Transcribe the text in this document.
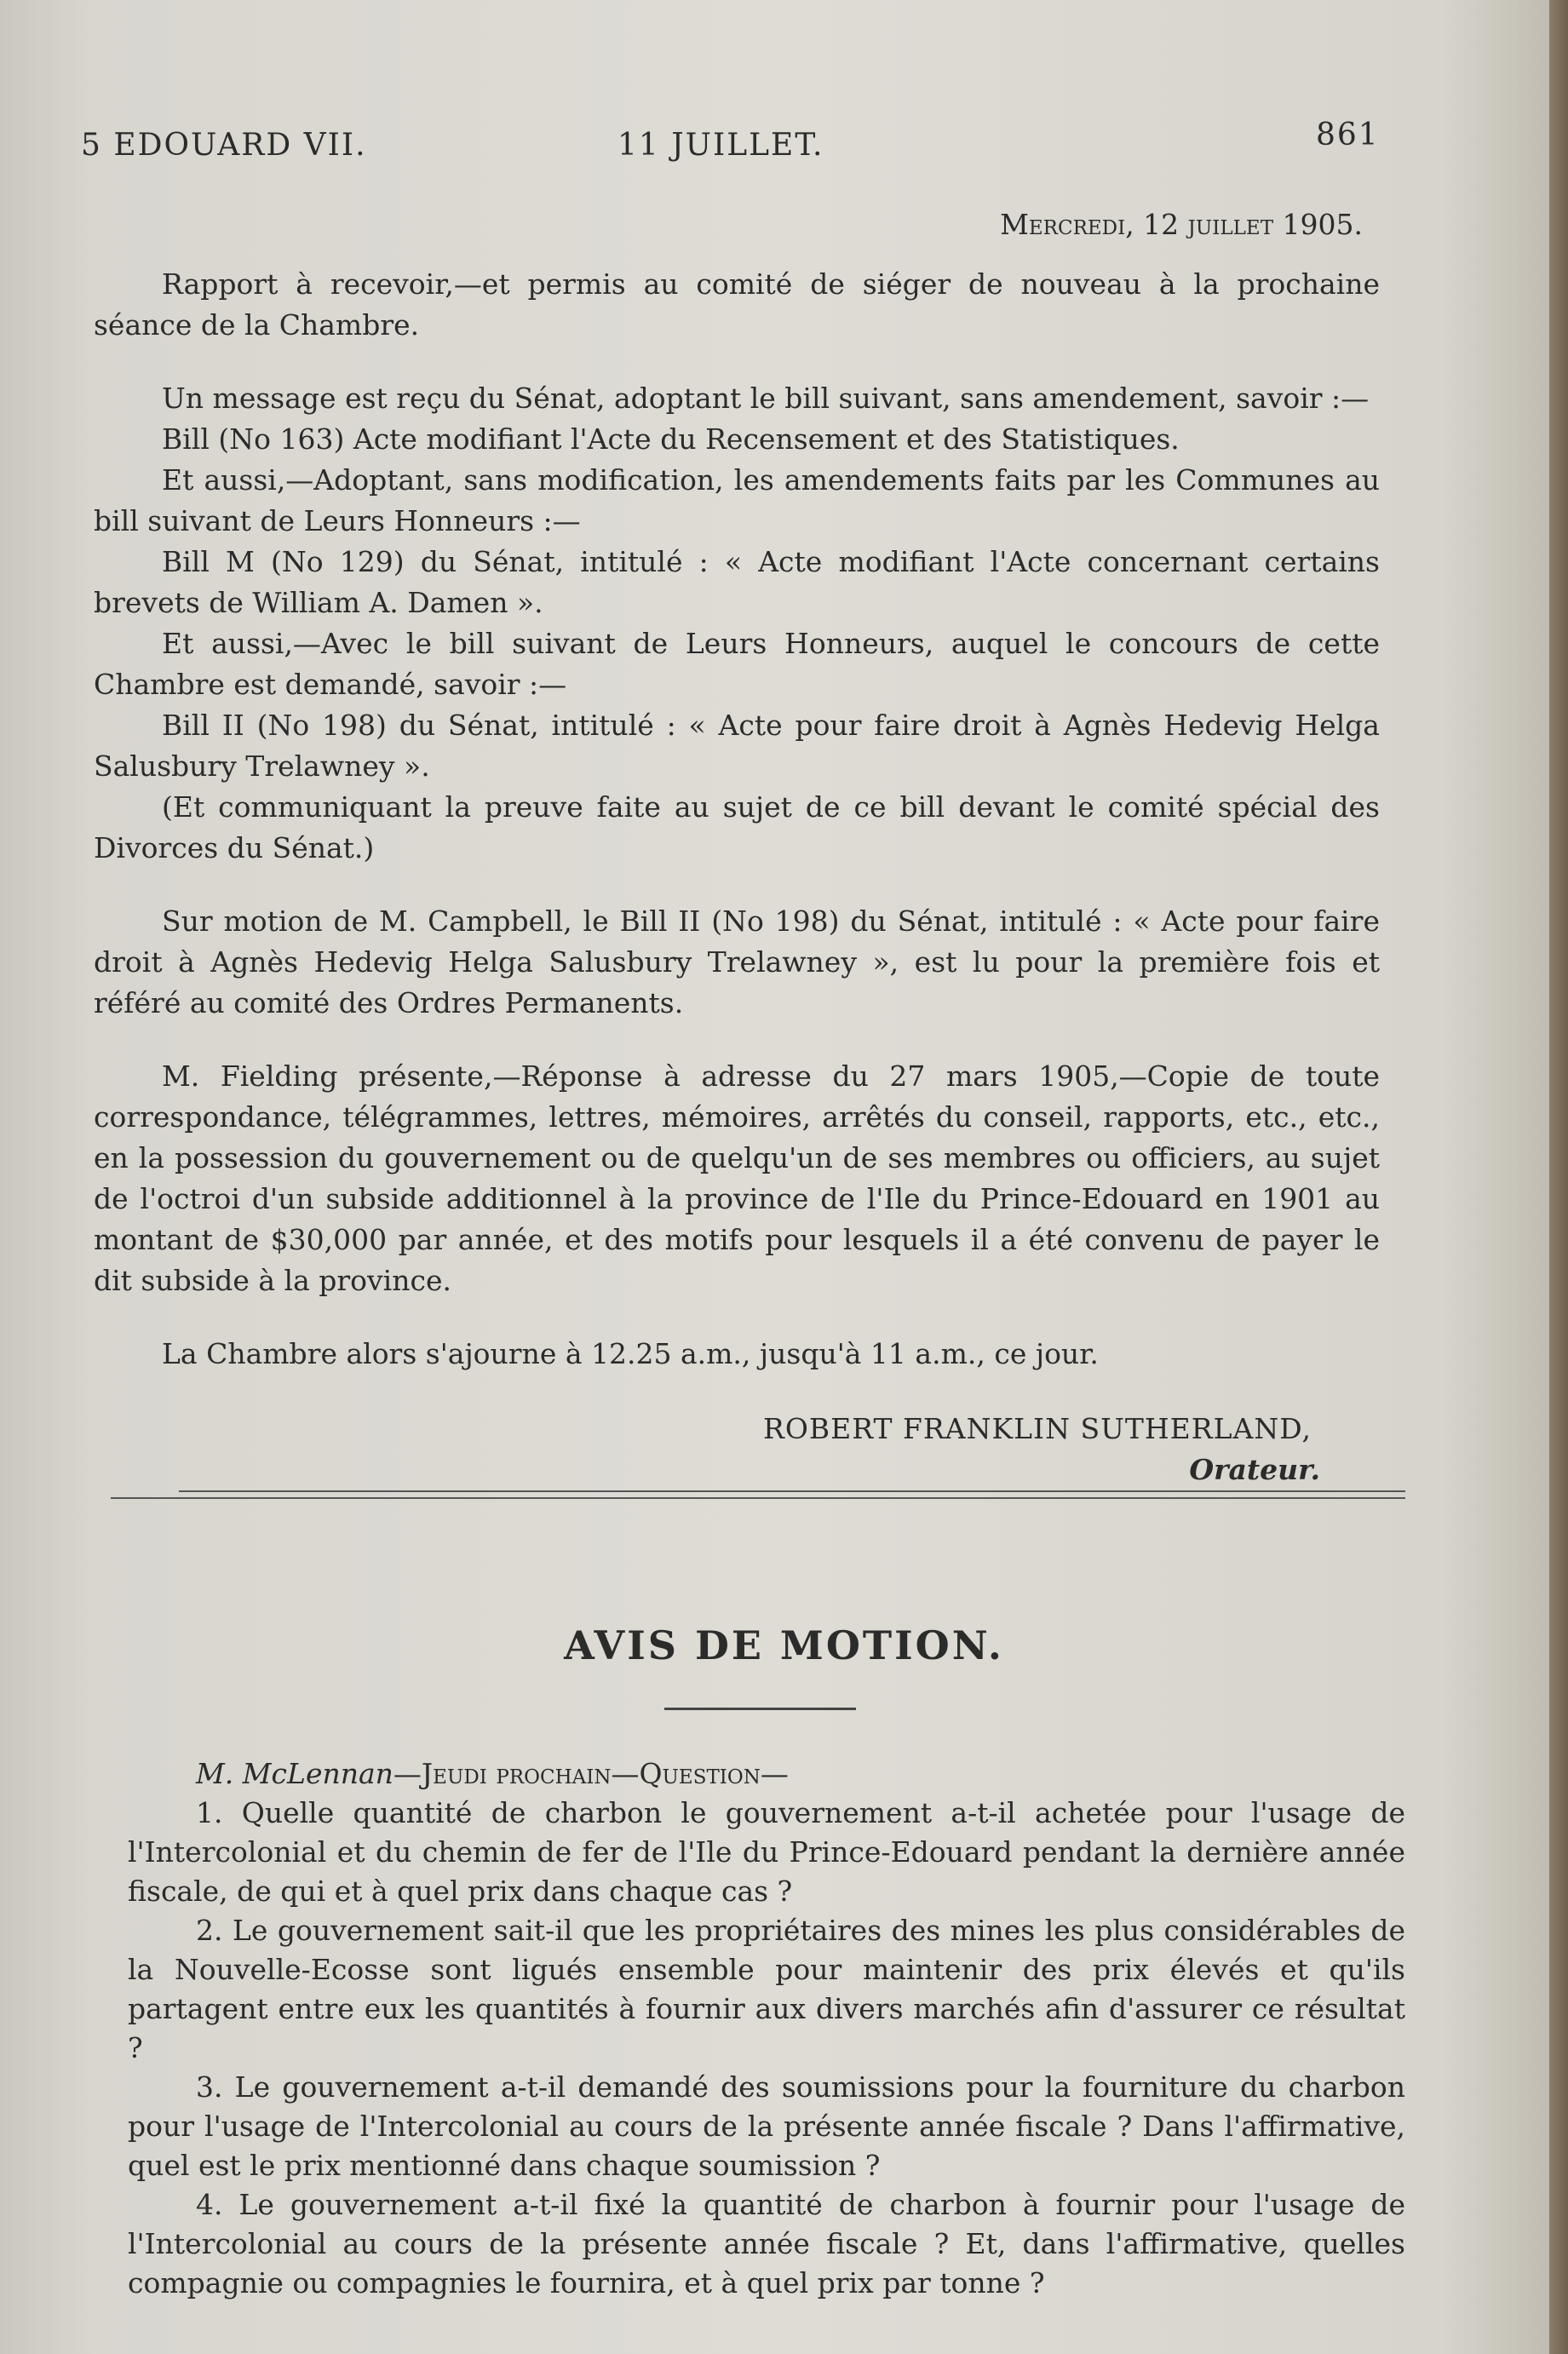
5 EDOUARD VII.	11 JUILLET.	861

Mercredi, 12 juillet 1905.

Rapport à recevoir,—et permis au comité de siéger de nouveau à la prochaine séance de la Chambre.

Un message est reçu du Sénat, adoptant le bill suivant, sans amendement, savoir :—

Bill (No 163) Acte modifiant l'Acte du Recensement et des Statistiques.

Et aussi,—Adoptant, sans modification, les amendements faits par les Communes au bill suivant de Leurs Honneurs :—

Bill M (No 129) du Sénat, intitulé : « Acte modifiant l'Acte concernant certains brevets de William A. Damen ».

Et aussi,—Avec le bill suivant de Leurs Honneurs, auquel le concours de cette Chambre est demandé, savoir :—

Bill II (No 198) du Sénat, intitulé : « Acte pour faire droit à Agnès Hedevig Helga Salusbury Trelawney ».

(Et communiquant la preuve faite au sujet de ce bill devant le comité spécial des Divorces du Sénat.)

Sur motion de M. Campbell, le Bill II (No 198) du Sénat, intitulé : « Acte pour faire droit à Agnès Hedevig Helga Salusbury Trelawney », est lu pour la première fois et référé au comité des Ordres Permanents.

M. Fielding présente,—Réponse à adresse du 27 mars 1905,—Copie de toute correspondance, télégrammes, lettres, mémoires, arrêtés du conseil, rapports, etc., etc., en la possession du gouvernement ou de quelqu'un de ses membres ou officiers, au sujet de l'octroi d'un subside additionnel à la province de l'Ile du Prince-Edouard en 1901 au montant de $30,000 par année, et des motifs pour lesquels il a été convenu de payer le dit subside à la province.

La Chambre alors s'ajourne à 12.25 a.m., jusqu'à 11 a.m., ce jour.

ROBERT FRANKLIN SUTHERLAND,

Orateur.

AVIS DE MOTION.

M. McLennan—Jeudi prochain—Question—

1. Quelle quantité de charbon le gouvernement a-t-il achetée pour l'usage de l'Intercolonial et du chemin de fer de l'Ile du Prince-Edouard pendant la dernière année fiscale, de qui et à quel prix dans chaque cas ?

2. Le gouvernement sait-il que les propriétaires des mines les plus considérables de la Nouvelle-Ecosse sont ligués ensemble pour maintenir des prix élevés et qu'ils partagent entre eux les quantités à fournir aux divers marchés afin d'assurer ce résultat ?

3. Le gouvernement a-t-il demandé des soumissions pour la fourniture du charbon pour l'usage de l'Intercolonial au cours de la présente année fiscale ? Dans l'affirmative, quel est le prix mentionné dans chaque soumission ?

4. Le gouvernement a-t-il fixé la quantité de charbon à fournir pour l'usage de l'Intercolonial au cours de la présente année fiscale ? Et, dans l'affirmative, quelles compagnie ou compagnies le fournira, et à quel prix par tonne ?
